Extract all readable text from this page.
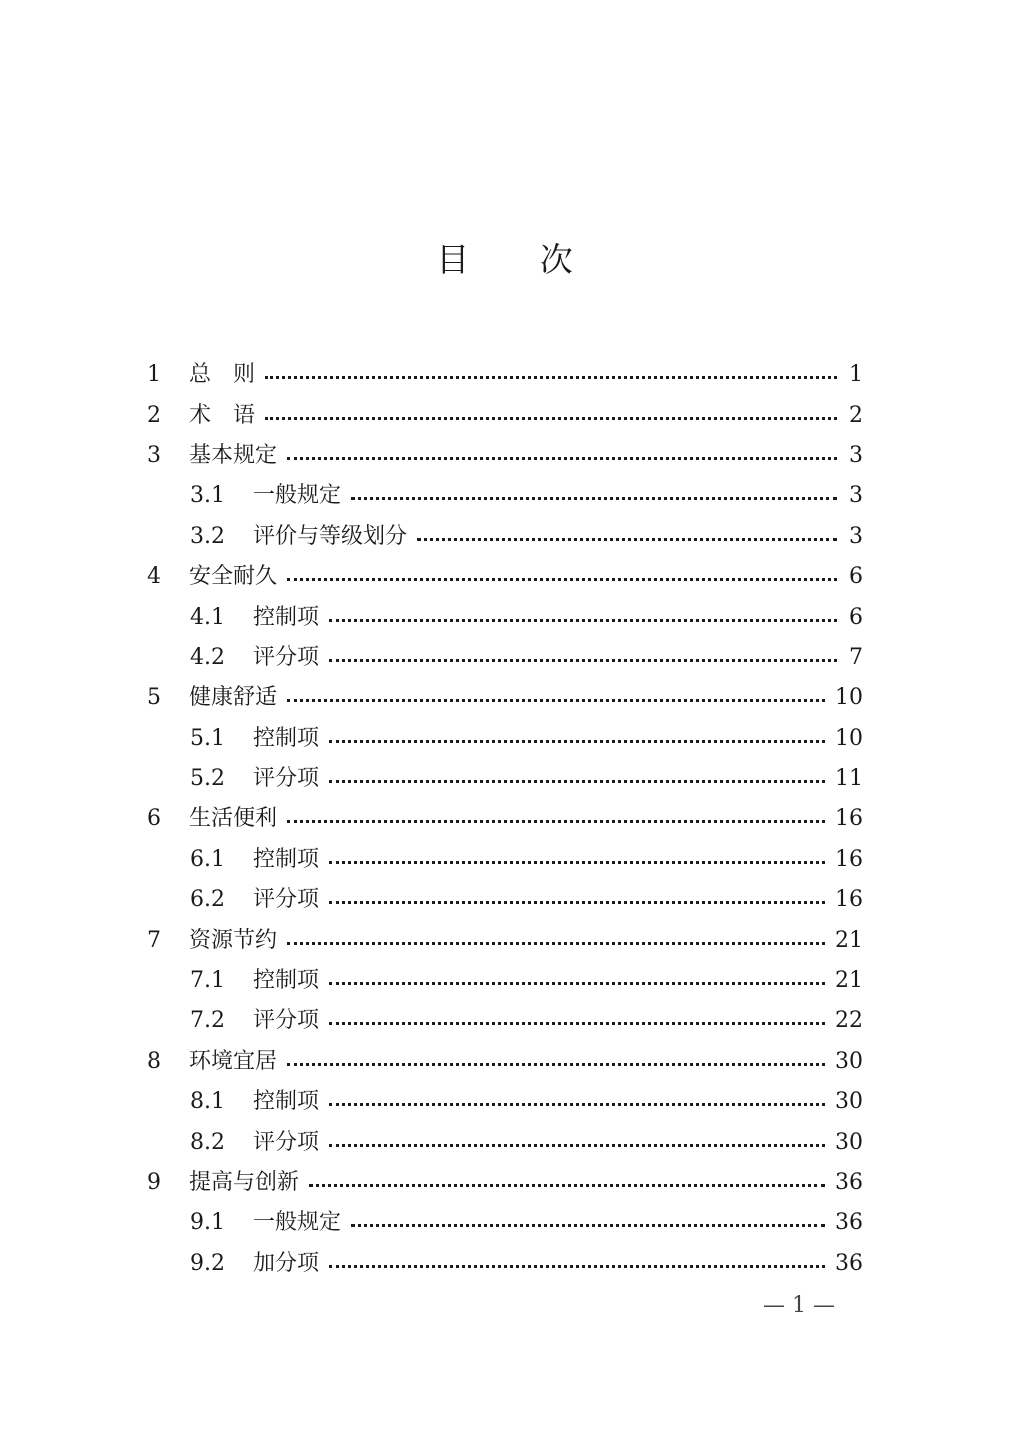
目 次
1	总　则	1
2	术　语	2
3	基本规定	3
3.1	一般规定	3
3.2	评价与等级划分	3
4	安全耐久	6
4.1	控制项	6
4.2	评分项	7
5	健康舒适	10
5.1	控制项	10
5.2	评分项	11
6	生活便利	16
6.1	控制项	16
6.2	评分项	16
7	资源节约	21
7.1	控制项	21
7.2	评分项	22
8	环境宜居	30
8.1	控制项	30
8.2	评分项	30
9	提高与创新	36
9.1	一般规定	36
9.2	加分项	36
— 1 —
